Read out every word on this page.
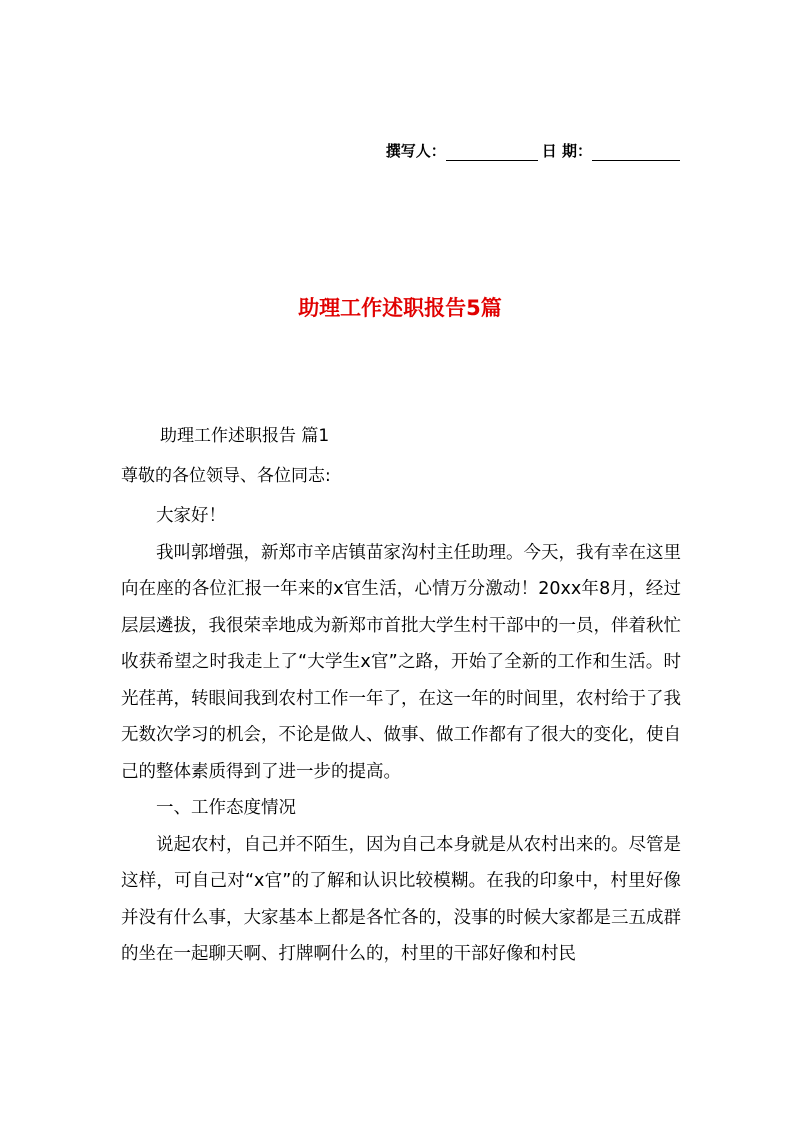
撰写人：	日 期：
助理工作述职报告5篇
助理工作述职报告 篇1
尊敬的各位领导、各位同志:

大家好！

我叫郭增强，新郑市辛店镇苗家沟村主任助理。今天，我有幸在这里向在座的各位汇报一年来的x官生活，心情万分激动！20xx年8月，经过层层遴拔，我很荣幸地成为新郑市首批大学生村干部中的一员，伴着秋忙收获希望之时我走上了“大学生x官”之路，开始了全新的工作和生活。时光荏苒，转眼间我到农村工作一年了，在这一年的时间里，农村给于了我无数次学习的机会，不论是做人、做事、做工作都有了很大的变化，使自己的整体素质得到了进一步的提高。

一、工作态度情况

说起农村，自己并不陌生，因为自己本身就是从农村出来的。尽管是这样，可自己对“x官”的了解和认识比较模糊。在我的印象中，村里好像并没有什么事，大家基本上都是各忙各的，没事的时候大家都是三五成群的坐在一起聊天啊、打牌啊什么的，村里的干部好像和村民
